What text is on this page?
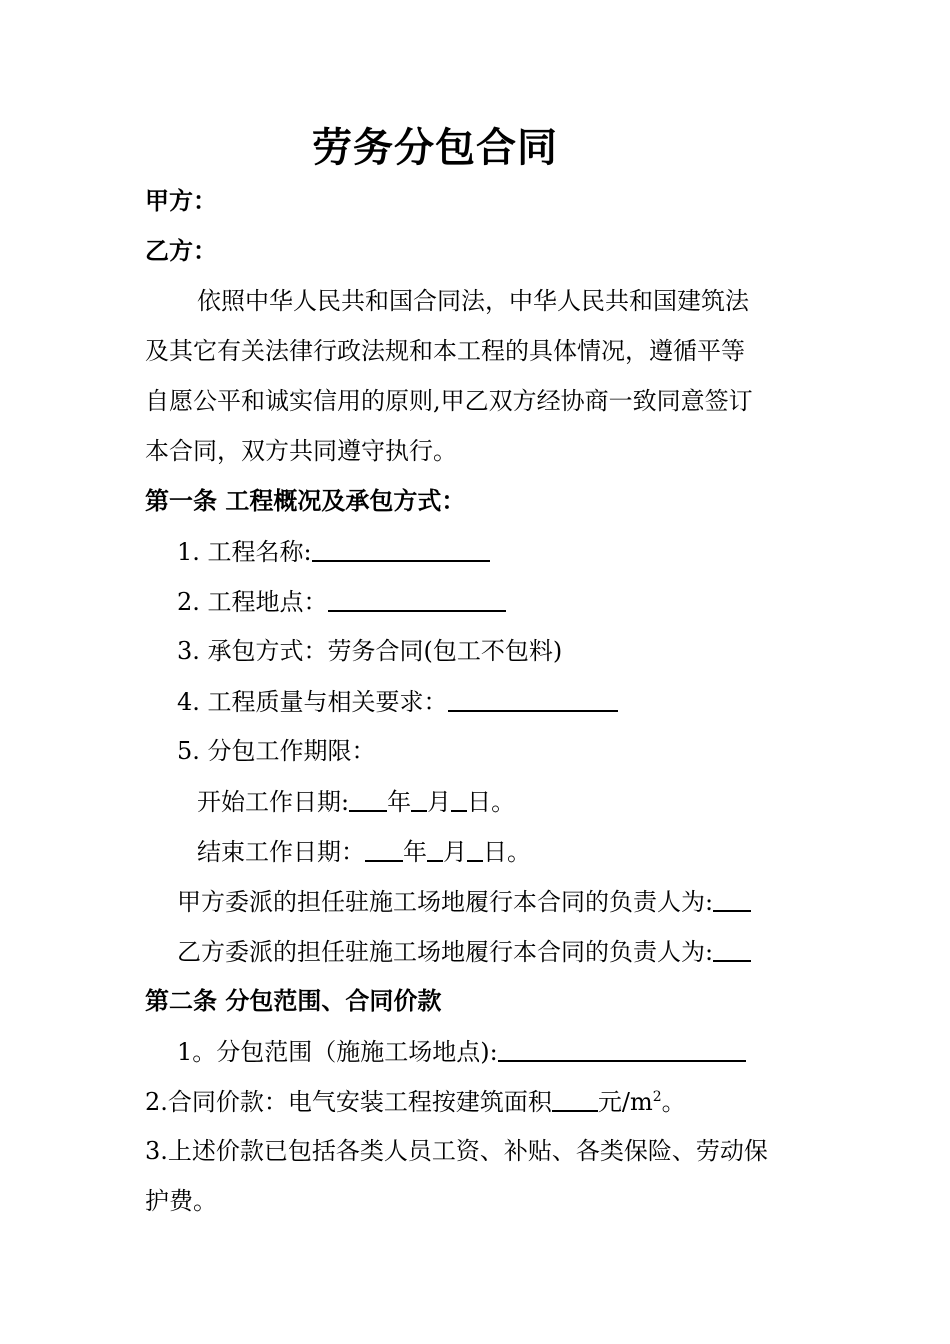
劳务分包合同
甲方：
乙方：
依照中华人民共和国合同法，中华人民共和国建筑法
及其它有关法律行政法规和本工程的具体情况，遵循平等
自愿公平和诚实信用的原则,甲乙双方经协商一致同意签订
本合同，双方共同遵守执行。
第一条 工程概况及承包方式：
1. 工程名称:
2. 工程地点：
3. 承包方式：劳务合同(包工不包料)
4. 工程质量与相关要求：
5. 分包工作期限：
开始工作日期: 年 月 日。
结束工作日期： 年 月 日。
甲方委派的担任驻施工场地履行本合同的负责人为:
乙方委派的担任驻施工场地履行本合同的负责人为:
第二条 分包范围、合同价款
1。分包范围（施施工场地点):
2.合同价款：电气安装工程按建筑面积 元$/m^2$。
3.上述价款已包括各类人员工资、补贴、各类保险、劳动保
护费。
